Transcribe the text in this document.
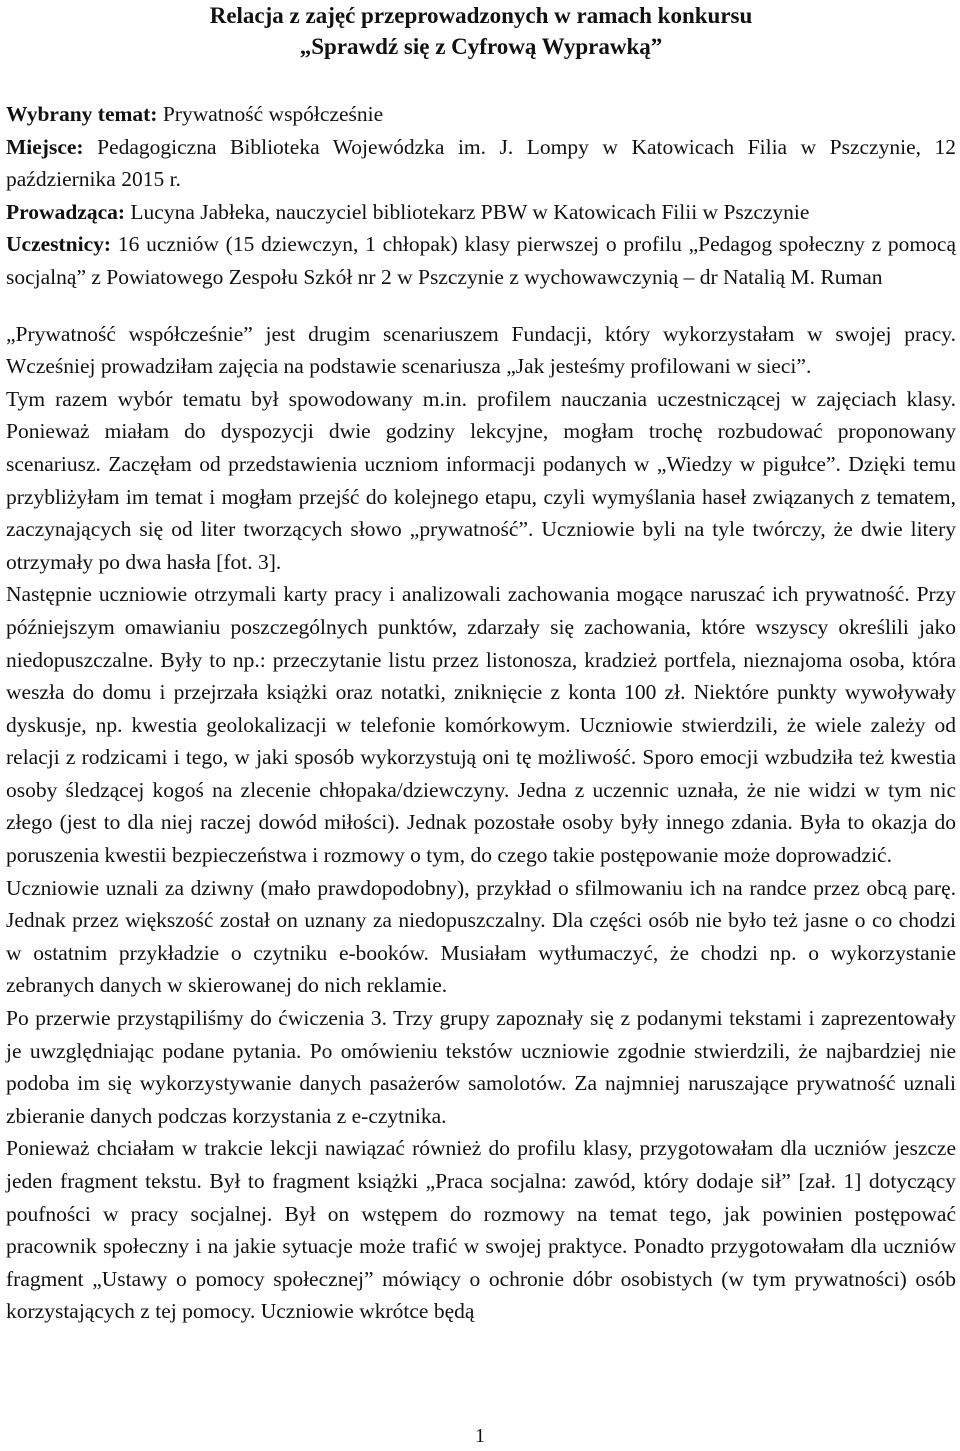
Relacja z zajęć przeprowadzonych w ramach konkursu
„Sprawdź się z Cyfrową Wyprawką”

Wybrany temat: Prywatność współcześnie

Miejsce: Pedagogiczna Biblioteka Wojewódzka im. J. Lompy w Katowicach Filia w Pszczynie, 12 października 2015 r.

Prowadząca: Lucyna Jabłeka, nauczyciel bibliotekarz PBW w Katowicach Filii w Pszczynie

Uczestnicy: 16 uczniów (15 dziewczyn, 1 chłopak) klasy pierwszej o profilu „Pedagog społeczny z pomocą socjalną” z Powiatowego Zespołu Szkół nr 2 w Pszczynie z wychowawczynią – dr Natalią M. Ruman

„Prywatność współcześnie” jest drugim scenariuszem Fundacji, który wykorzystałam w swojej pracy. Wcześniej prowadziłam zajęcia na podstawie scenariusza „Jak jesteśmy profilowani w sieci”.

Tym razem wybór tematu był spowodowany m.in. profilem nauczania uczestniczącej w zajęciach klasy. Ponieważ miałam do dyspozycji dwie godziny lekcyjne, mogłam trochę rozbudować proponowany scenariusz. Zaczęłam od przedstawienia uczniom informacji podanych w „Wiedzy w pigułce”. Dzięki temu przybliżyłam im temat i mogłam przejść do kolejnego etapu, czyli wymyślania haseł związanych z tematem, zaczynających się od liter tworzących słowo „prywatność”. Uczniowie byli na tyle twórczy, że dwie litery otrzymały po dwa hasła [fot. 3].

Następnie uczniowie otrzymali karty pracy i analizowali zachowania mogące naruszać ich prywatność. Przy późniejszym omawianiu poszczególnych punktów, zdarzały się zachowania, które wszyscy określili jako niedopuszczalne. Były to np.: przeczytanie listu przez listonosza, kradzież portfela, nieznajoma osoba, która weszła do domu i przejrzała książki oraz notatki, zniknięcie z konta 100 zł. Niektóre punkty wywoływały dyskusje, np. kwestia geolokalizacji w telefonie komórkowym. Uczniowie stwierdzili, że wiele zależy od relacji z rodzicami i tego, w jaki sposób wykorzystują oni tę możliwość. Sporo emocji wzbudziła też kwestia osoby śledzącej kogoś na zlecenie chłopaka/dziewczyny. Jedna z uczennic uznała, że nie widzi w tym nic złego (jest to dla niej raczej dowód miłości). Jednak pozostałe osoby były innego zdania. Była to okazja do poruszenia kwestii bezpieczeństwa i rozmowy o tym, do czego takie postępowanie może doprowadzić.

Uczniowie uznali za dziwny (mało prawdopodobny), przykład o sfilmowaniu ich na randce przez obcą parę. Jednak przez większość został on uznany za niedopuszczalny. Dla części osób nie było też jasne o co chodzi w ostatnim przykładzie o czytniku e-booków. Musiałam wytłumaczyć, że chodzi np. o wykorzystanie zebranych danych w skierowanej do nich reklamie.

Po przerwie przystąpiliśmy do ćwiczenia 3. Trzy grupy zapoznały się z podanymi tekstami i zaprezentowały je uwzględniając podane pytania. Po omówieniu tekstów uczniowie zgodnie stwierdzili, że najbardziej nie podoba im się wykorzystywanie danych pasażerów samolotów. Za najmniej naruszające prywatność uznali zbieranie danych podczas korzystania z e-czytnika.

Ponieważ chciałam w trakcie lekcji nawiązać również do profilu klasy, przygotowałam dla uczniów jeszcze jeden fragment tekstu. Był to fragment książki „Praca socjalna: zawód, który dodaje sił” [zał. 1] dotyczący poufności w pracy socjalnej. Był on wstępem do rozmowy na temat tego, jak powinien postępować pracownik społeczny i na jakie sytuacje może trafić w swojej praktyce. Ponadto przygotowałam dla uczniów fragment „Ustawy o pomocy społecznej” mówiący o ochronie dóbr osobistych (w tym prywatności) osób korzystających z tej pomocy. Uczniowie wkrótce będą

1
